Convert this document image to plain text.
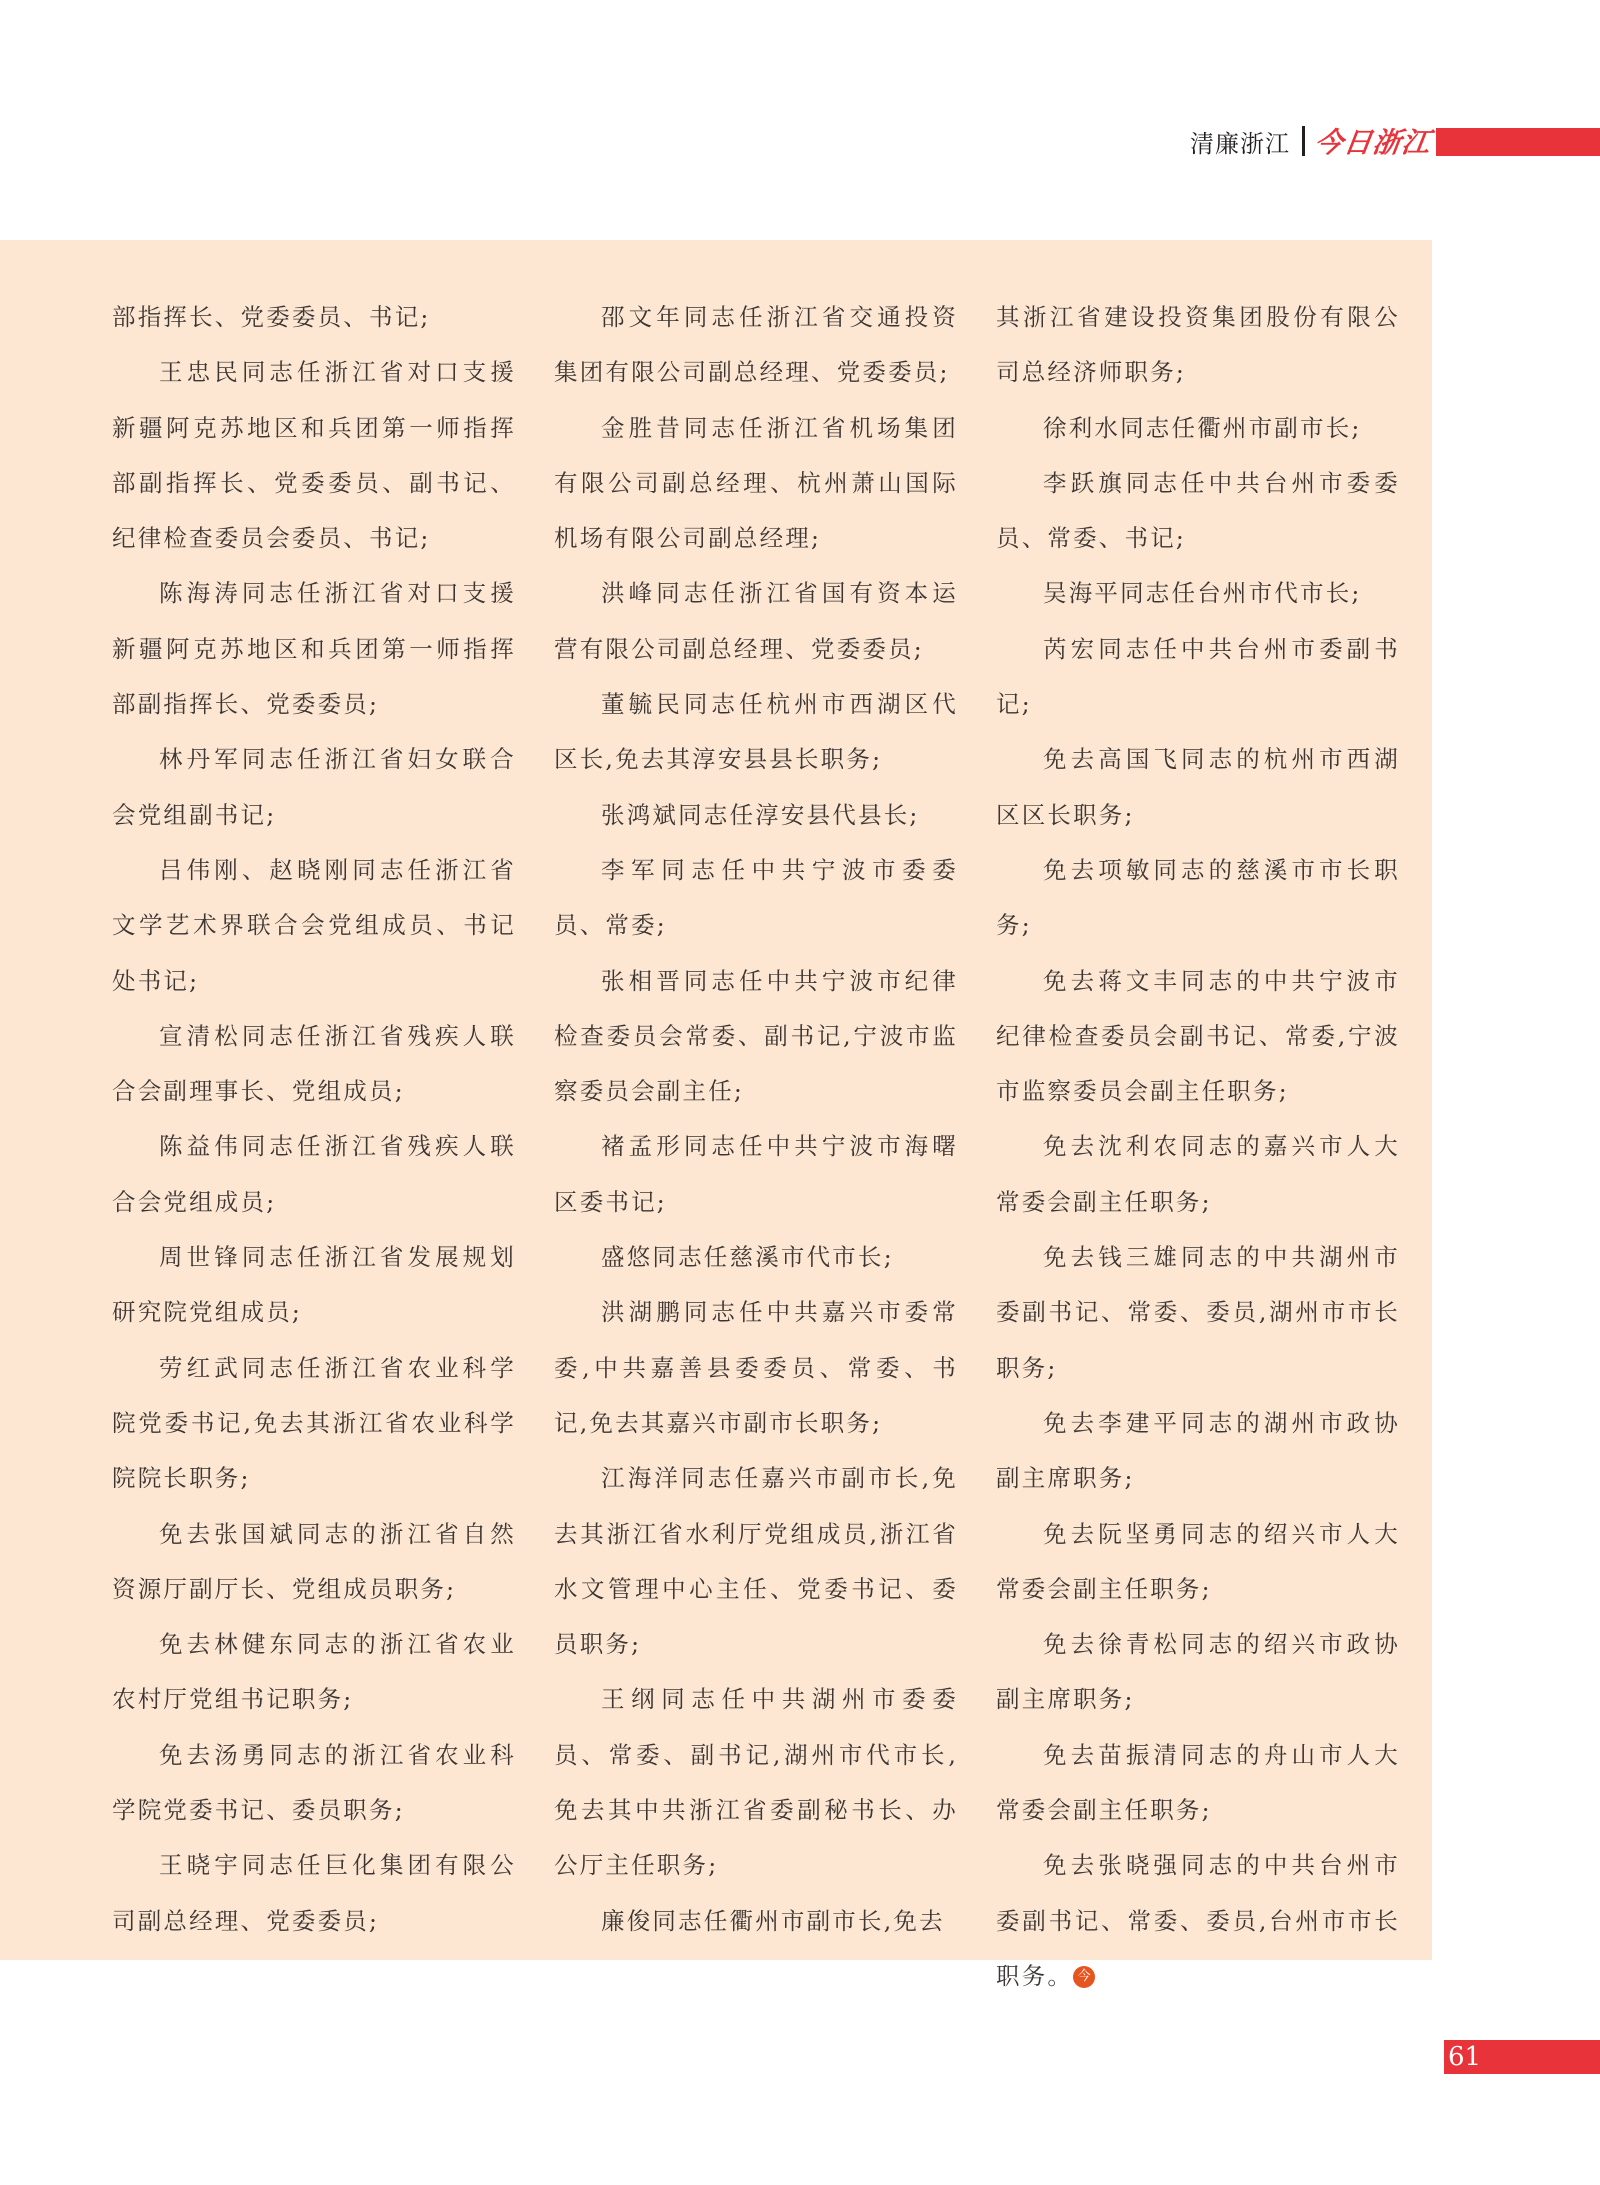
清廉浙江 今日浙江

部指挥长、党委委员、书记;

王忠民同志任浙江省对口支援新疆阿克苏地区和兵团第一师指挥部副指挥长、党委委员、副书记、纪律检查委员会委员、书记;

陈海涛同志任浙江省对口支援新疆阿克苏地区和兵团第一师指挥部副指挥长、党委委员;

林丹军同志任浙江省妇女联合会党组副书记;

吕伟刚、赵晓刚同志任浙江省文学艺术界联合会党组成员、书记处书记;

宣清松同志任浙江省残疾人联合会副理事长、党组成员;

陈益伟同志任浙江省残疾人联合会党组成员;

周世锋同志任浙江省发展规划研究院党组成员;

劳红武同志任浙江省农业科学院党委书记,免去其浙江省农业科学院院长职务;

免去张国斌同志的浙江省自然资源厅副厅长、党组成员职务;

免去林健东同志的浙江省农业农村厅党组书记职务;

免去汤勇同志的浙江省农业科学院党委书记、委员职务;

王晓宇同志任巨化集团有限公司副总经理、党委委员;

邵文年同志任浙江省交通投资集团有限公司副总经理、党委委员;

金胜昔同志任浙江省机场集团有限公司副总经理、杭州萧山国际机场有限公司副总经理;

洪峰同志任浙江省国有资本运营有限公司副总经理、党委委员;

董毓民同志任杭州市西湖区代区长,免去其淳安县县长职务;

张鸿斌同志任淳安县代县长;

李军同志任中共宁波市委委员、常委;

张相晋同志任中共宁波市纪律检查委员会常委、副书记,宁波市监察委员会副主任;

褚孟形同志任中共宁波市海曙区委书记;

盛悠同志任慈溪市代市长;

洪湖鹏同志任中共嘉兴市委常委,中共嘉善县委委员、常委、书记,免去其嘉兴市副市长职务;

江海洋同志任嘉兴市副市长,免去其浙江省水利厅党组成员,浙江省水文管理中心主任、党委书记、委员职务;

王纲同志任中共湖州市委委员、常委、副书记,湖州市代市长,免去其中共浙江省委副秘书长、办公厅主任职务;

廉俊同志任衢州市副市长,免去

其浙江省建设投资集团股份有限公司总经济师职务;

徐利水同志任衢州市副市长;

李跃旗同志任中共台州市委委员、常委、书记;

吴海平同志任台州市代市长;

芮宏同志任中共台州市委副书记;

免去高国飞同志的杭州市西湖区区长职务;

免去项敏同志的慈溪市市长职务;

免去蒋文丰同志的中共宁波市纪律检查委员会副书记、常委,宁波市监察委员会副主任职务;

免去沈利农同志的嘉兴市人大常委会副主任职务;

免去钱三雄同志的中共湖州市委副书记、常委、委员,湖州市市长职务;

免去李建平同志的湖州市政协副主席职务;

免去阮坚勇同志的绍兴市人大常委会副主任职务;

免去徐青松同志的绍兴市政协副主席职务;

免去苗振清同志的舟山市人大常委会副主任职务;

免去张晓强同志的中共台州市委副书记、常委、委员,台州市市长职务。 今

61
